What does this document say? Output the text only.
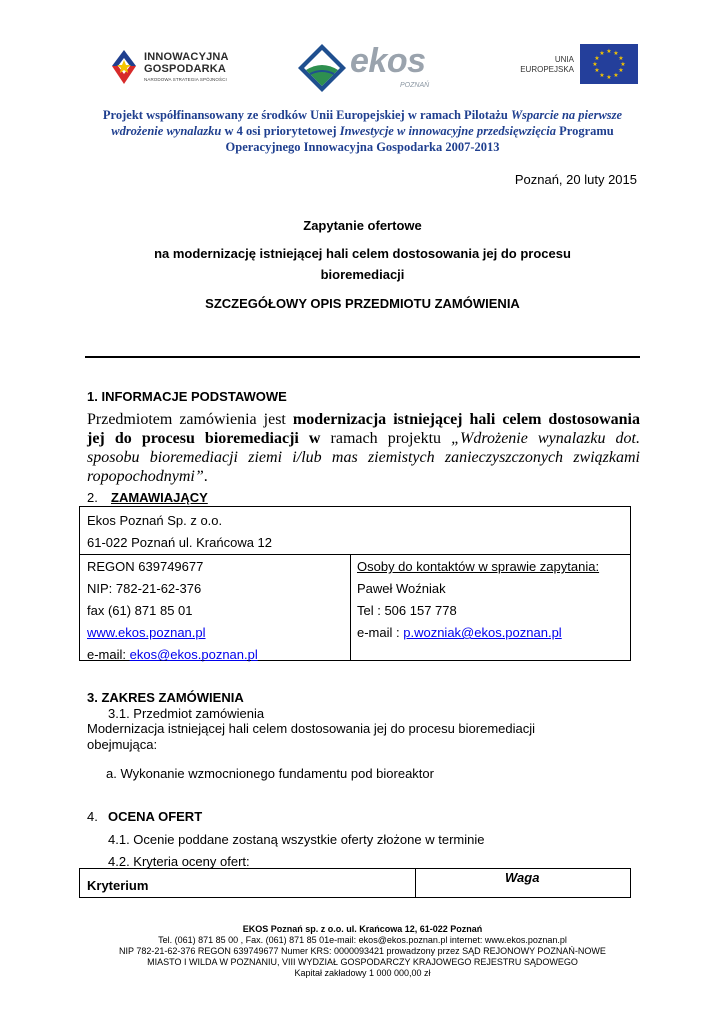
INNOWACYJNA
GOSPODARKA
NARODOWA STRATEGIA SPÓJNOŚCI	ekos
POZNAŃ
UNIA
EUROPEJSKA
★ ★
★
★
★
★
★
★
★
★
★
★
Projekt współfinansowany ze środków Unii Europejskiej w ramach Pilotażu Wsparcie na pierwsze wdrożenie wynalazku w 4 osi priorytetowej Inwestycje w innowacyjne przedsięwzięcia Programu Operacyjnego Innowacyjna Gospodarka 2007-2013
Poznań, 20 luty 2015
Zapytanie ofertowe
na modernizację istniejącej hali celem dostosowania jej do procesu
bioremediacji
SZCZEGÓŁOWY OPIS PRZEDMIOTU ZAMÓWIENIA
1. INFORMACJE PODSTAWOWE
Przedmiotem zamówienia jest modernizacja istniejącej hali celem dostosowania jej do procesu bioremediacji w ramach projektu „Wdrożenie wynalazku dot. sposobu bioremediacji ziemi i/lub mas ziemistych zanieczyszczonych związkami ropopochodnymi”.
2. ZAMAWIAJĄCY
Ekos Poznań Sp. z o.o.
61-022 Poznań ul. Krańcowa 12
REGON 639749677
NIP: 782-21-62-376
fax (61) 871 85 01
www.ekos.poznan.pl
e-mail: ekos@ekos.poznan.pl
Osoby do kontaktów w sprawie zapytania:
Paweł Woźniak
Tel : 506 157 778
e-mail : p.wozniak@ekos.poznan.pl
3. ZAKRES ZAMÓWIENIA
3.1. Przedmiot zamówienia
Modernizacja istniejącej hali celem dostosowania jej do procesu bioremediacji
obejmująca:
a. Wykonanie wzmocnionego fundamentu pod bioreaktor
4. OCENA OFERT
4.1. Ocenie poddane zostaną wszystkie oferty złożone w terminie
4.2. Kryteria oceny ofert:
Kryterium
Waga
EKOS Poznań sp. z o.o. ul. Krańcowa 12, 61-022 Poznań
Tel. (061) 871 85 00 , Fax. (061) 871 85 01e-mail: ekos@ekos.poznan.pl internet: www.ekos.poznan.pl
NIP 782-21-62-376 REGON 639749677 Numer KRS: 0000093421 prowadzony przez SĄD REJONOWY POZNAŃ-NOWE
MIASTO I WILDA W POZNANIU, VIII WYDZIAŁ GOSPODARCZY KRAJOWEGO REJESTRU SĄDOWEGO
Kapitał zakładowy 1 000 000,00 zł
